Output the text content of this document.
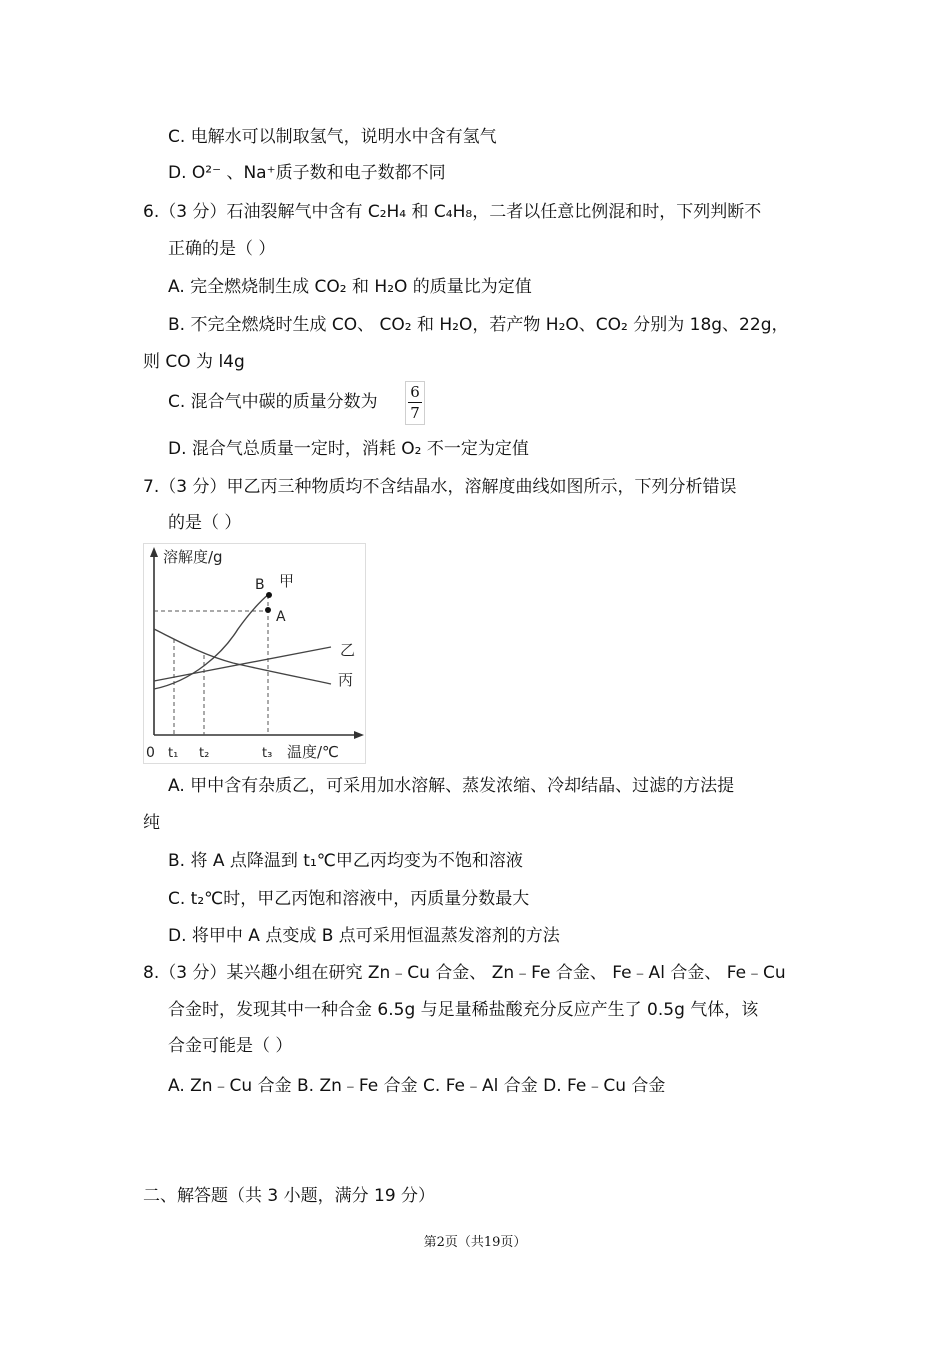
C. 电解水可以制取氢气，说明水中含有氢气
D. O²⁻ 、Na⁺质子数和电子数都不同
6.（3 分）石油裂解气中含有 C₂H₄ 和 C₄H₈，二者以任意比例混和时，下列判断不
正确的是（ ）
A. 完全燃烧制生成 CO₂ 和 H₂O 的质量比为定值
B. 不完全燃烧时生成 CO、 CO₂ 和 H₂O，若产物 H₂O、CO₂ 分别为 18g、22g，
则 CO 为 l4g
C. 混合气中碳的质量分数为 6
7
D. 混合气总质量一定时，消耗 O₂ 不一定为定值
7.（3 分）甲乙丙三种物质均不含结晶水，溶解度曲线如图所示，下列分析错误
的是（ ）
溶解度/g
温度/℃
0 t₁ t₂	t₃
B
A
甲
乙
丙
A. 甲中含有杂质乙，可采用加水溶解、蒸发浓缩、冷却结晶、过滤的方法提
纯
B. 将 A 点降温到 t₁℃甲乙丙均变为不饱和溶液
C. t₂℃时，甲乙丙饱和溶液中，丙质量分数最大
D. 将甲中 A 点变成 B 点可采用恒温蒸发溶剂的方法
8.（3 分）某兴趣小组在研究 Zn﹣Cu 合金、 Zn﹣Fe 合金、 Fe﹣Al 合金、 Fe﹣Cu
合金时，发现其中一种合金 6.5g 与足量稀盐酸充分反应产生了 0.5g 气体，该
合金可能是（ ）
A. Zn﹣Cu 合金 B. Zn﹣Fe 合金 C. Fe﹣Al 合金 D. Fe﹣Cu 合金
二、解答题（共 3 小题，满分 19 分）
第2页（共19页）
